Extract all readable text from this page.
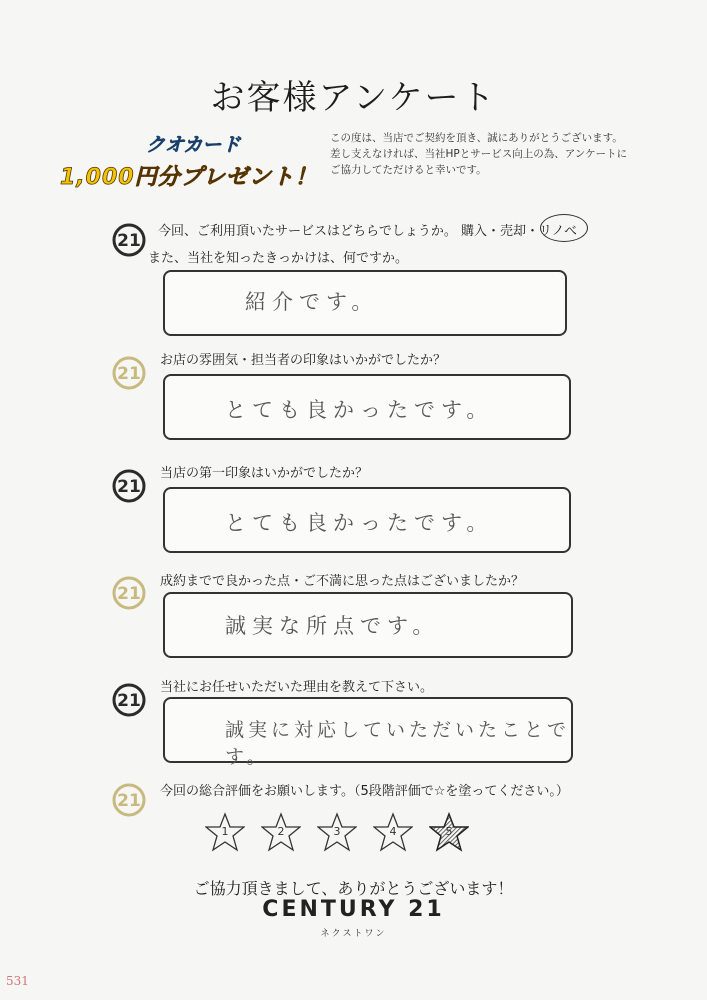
お客様アンケート
クオカード
1,000円分プレゼント！
この度は、当店でご契約を頂き、誠にありがとうございます。
差し支えなければ、当社HPとサービス向上の為、アンケートに
ご協力してただけると幸いです。
21 今回、ご利用頂いたサービスはどちらでしょうか。 購入・売却・リノベ
また、当社を知ったきっかけは、何ですか。
紹介です。
21
お店の雰囲気・担当者の印象はいかがでしたか？
とても良かったです。
21
当店の第一印象はいかがでしたか？
とても良かったです。
21
成約までで良かった点・ご不満に思った点はございましたか？
誠実な所点です。
21
当社にお任せいただいた理由を教えて下さい。
誠実に対応していただいたことです。
21 今回の総合評価をお願いします。（5段階評価で☆を塗ってください。）
1	2	3	4	5
ご協力頂きまして、ありがとうございます！
CENTURY 21
ネクストワン
531
